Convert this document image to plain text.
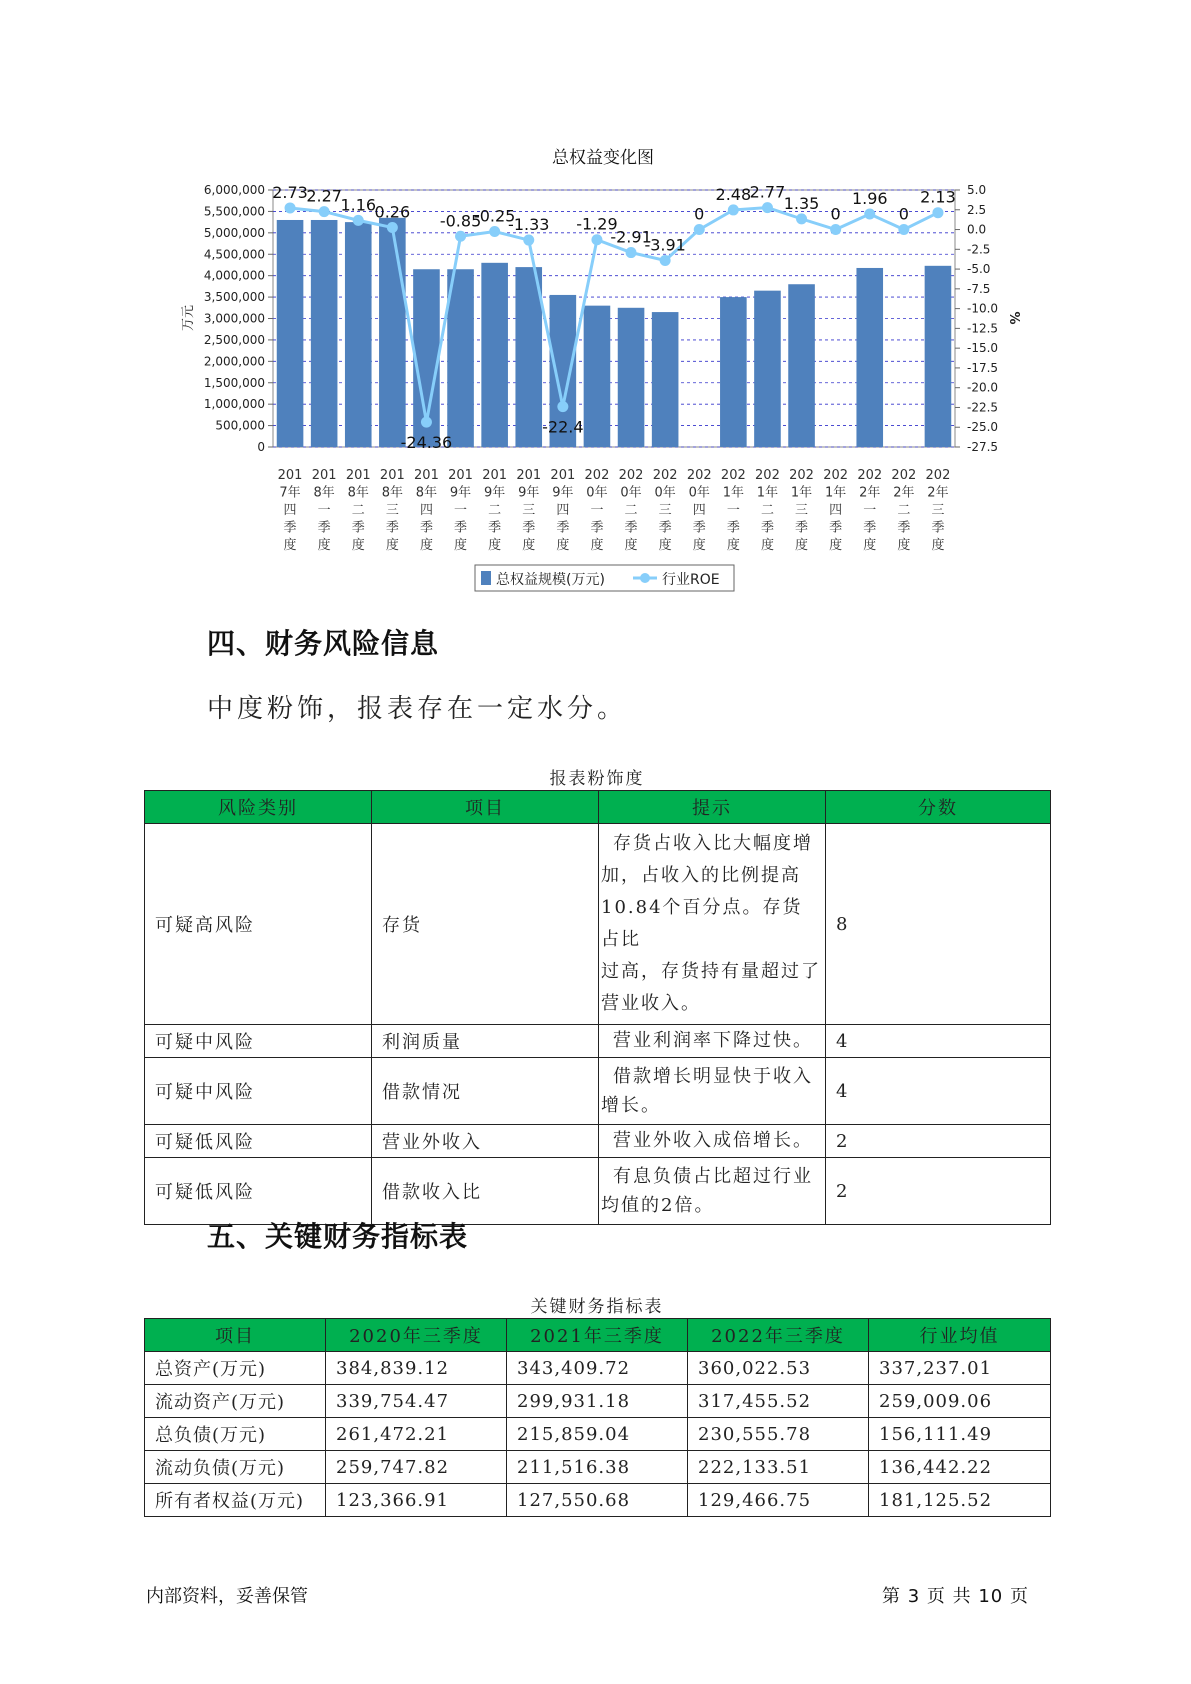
总权益变化图
0
500,000
1,000,000
1,500,000
2,000,000
2,500,000
3,000,000
3,500,000
4,000,000
4,500,000
5,000,000
5,500,000
6,000,000	5.0
2.5
0.0
-2.5
-5.0
-7.5
-10.0
-12.5
-15.0
-17.5
-20.0
-22.5
-25.0
-27.5
万元	%
201
7年
四
季
度
201
8年
一
季
度
201
8年
二
季
度
201
8年
三
季
度
201
8年
四
季
度
201
9年
一
季
度
201
9年
二
季
度
201
9年
三
季
度
201
9年
四
季
度
202
0年
一
季
度
202
0年
二
季
度
202
0年
三
季
度
202
0年
四
季
度
202
1年
一
季
度
202
1年
二
季
度
202
1年
三
季
度
202
1年
四
季
度
202
2年
一
季
度
202
2年
二
季
度
202
2年
三
季
度
2.73
2.27
1.16
0.26
-24.36
-0.85
-0.25
-1.33
-22.4
-1.29
-2.91
-3.91
0
2.48
2.77
1.35
0
1.96
0
2.13
总权益规模(万元)	行业ROE
四、财务风险信息
中度粉饰，报表存在一定水分。
报表粉饰度
风险类别	项目	提示	分数
可疑高风险	存货	存货占收入比大幅度增
加，占收入的比例提高
10.84个百分点。存货占比
过高，存货持有量超过了
营业收入。	8
可疑中风险	利润质量	营业利润率下降过快。	4
可疑中风险	借款情况	借款增长明显快于收入
增长。	4
可疑低风险	营业外收入	营业外收入成倍增长。	2
可疑低风险	借款收入比	有息负债占比超过行业
均值的2倍。	2
五、关键财务指标表
关键财务指标表
项目	2020年三季度	2021年三季度	2022年三季度	行业均值
总资产(万元)	384,839.12	343,409.72	360,022.53	337,237.01
流动资产(万元)	339,754.47	299,931.18	317,455.52	259,009.06
总负债(万元)	261,472.21	215,859.04	230,555.78	156,111.49
流动负债(万元)	259,747.82	211,516.38	222,133.51	136,442.22
所有者权益(万元)	123,366.91	127,550.68	129,466.75	181,125.52
内部资料，妥善保管	第 3 页 共 10 页
